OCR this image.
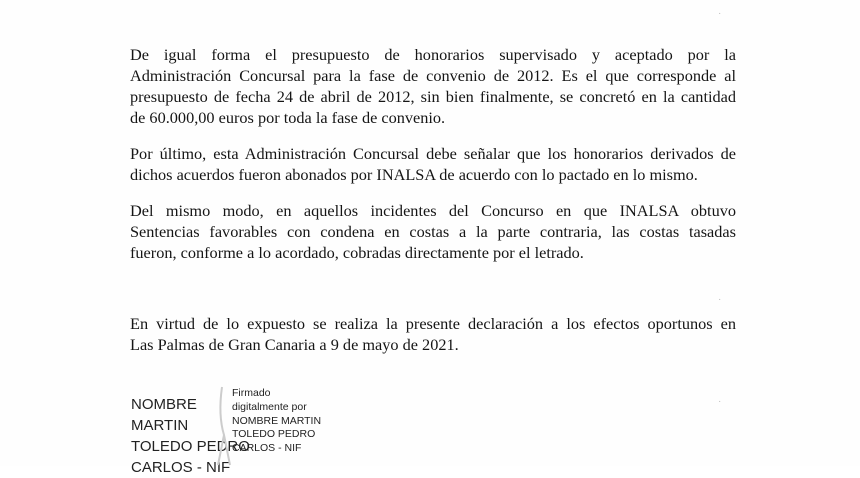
De igual forma el presupuesto de honorarios supervisado y aceptado por la
Administración Concursal para la fase de convenio de 2012. Es el que corresponde al
presupuesto de fecha 24 de abril de 2012, sin bien finalmente, se concretó en la cantidad
de 60.000,00 euros por toda la fase de convenio.
Por último, esta Administración Concursal debe señalar que los honorarios derivados de
dichos acuerdos fueron abonados por INALSA de acuerdo con lo pactado en lo mismo.
Del mismo modo, en aquellos incidentes del Concurso en que INALSA obtuvo
Sentencias favorables con condena en costas a la parte contraria, las costas tasadas
fueron, conforme a lo acordado, cobradas directamente por el letrado.
En virtud de lo expuesto se realiza la presente declaración a los efectos oportunos en
Las Palmas de Gran Canaria a 9 de mayo de 2021.
˙
˙
˙
NOMBRE
MARTIN
TOLEDO PEDRO
CARLOS - NIF
Firmado
digitalmente por
NOMBRE MARTIN
TOLEDO PEDRO
CARLOS - NIF
